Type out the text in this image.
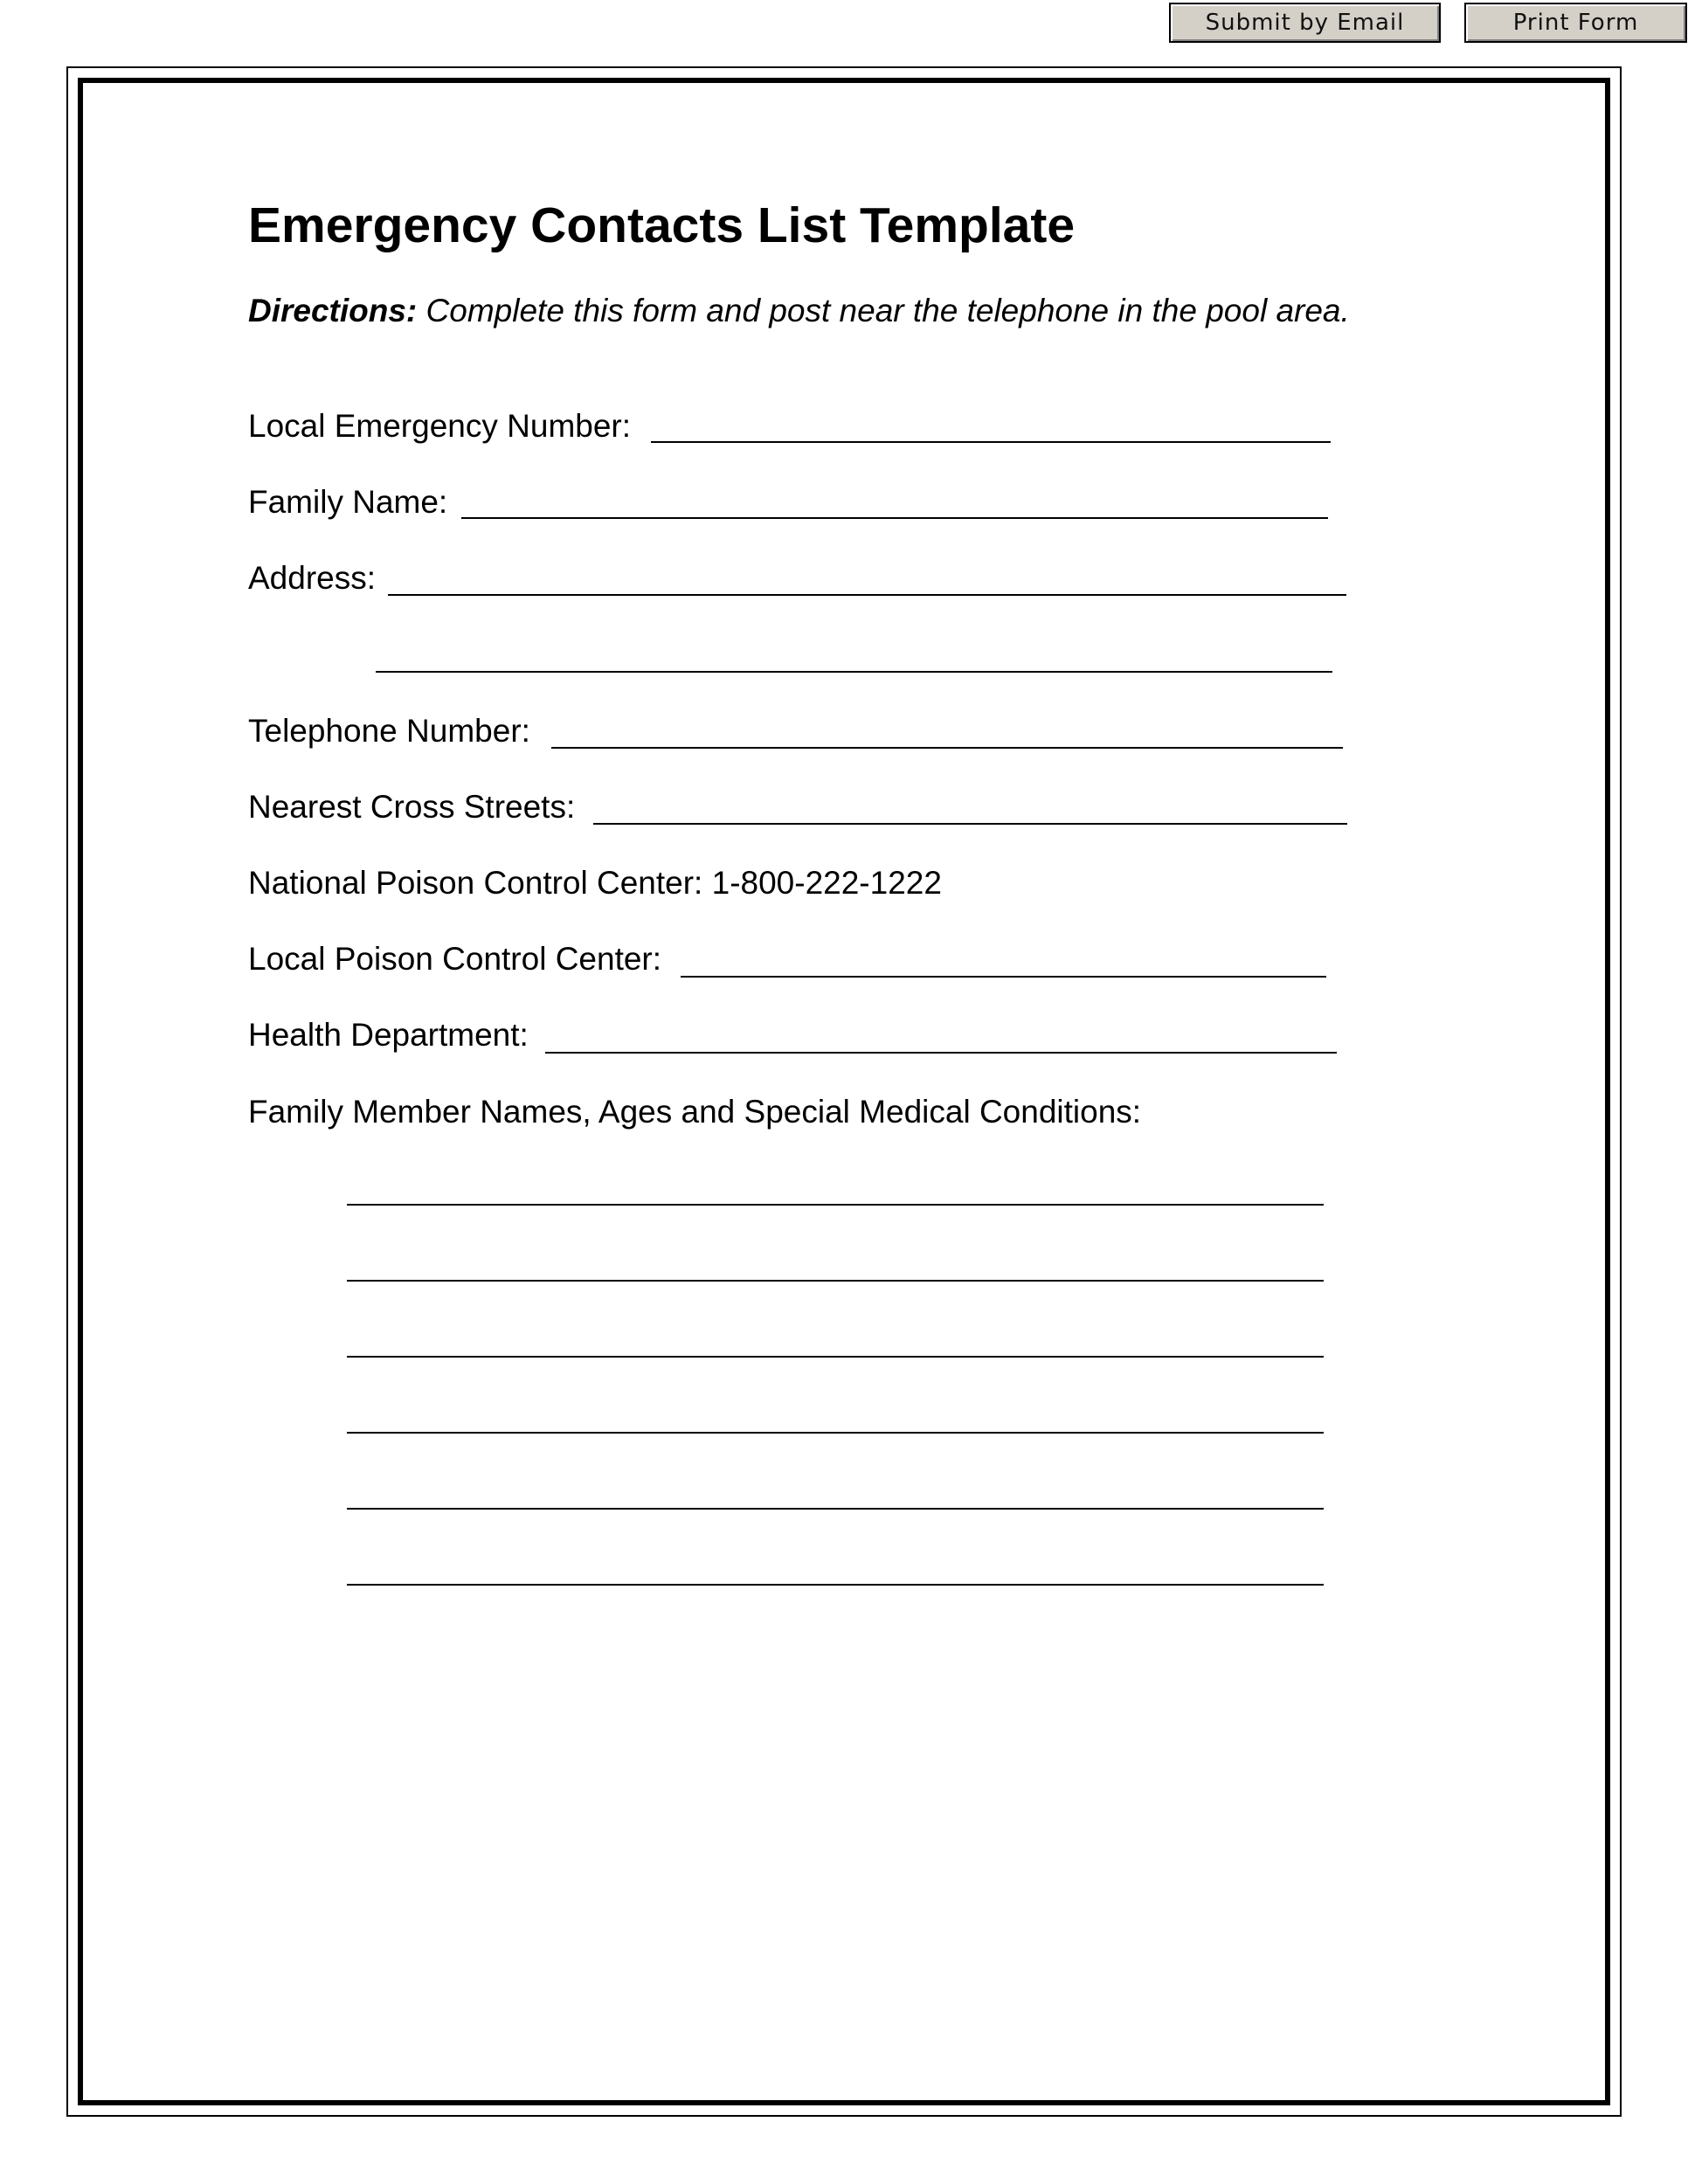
Submit by Email	Print Form
Emergency Contacts List Template
Directions: Complete this form and post near the telephone in the pool area.
Local Emergency Number:
Family Name:
Address:
Telephone Number:
Nearest Cross Streets:
National Poison Control Center: 1-800-222-1222
Local Poison Control Center:
Health Department:
Family Member Names, Ages and Special Medical Conditions:
